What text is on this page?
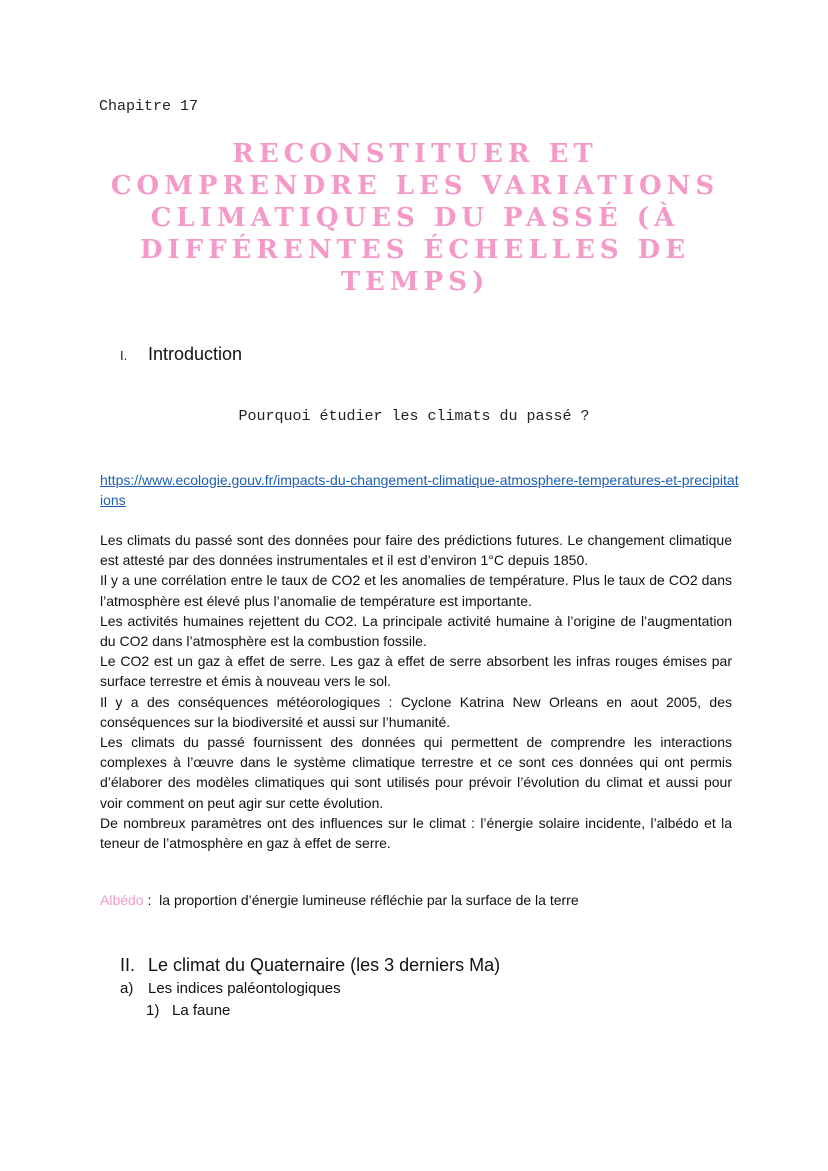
Chapitre 17
RECONSTITUER ET COMPRENDRE LES VARIATIONS CLIMATIQUES DU PASSÉ (À DIFFÉRENTES ÉCHELLES DE TEMPS)
I. Introduction
Pourquoi étudier les climats du passé ?
https://www.ecologie.gouv.fr/impacts-du-changement-climatique-atmosphere-temperatures-et-precipitations

Les climats du passé sont des données pour faire des prédictions futures. Le changement climatique est attesté par des données instrumentales et il est d’environ 1°C depuis 1850.

Il y a une corrélation entre le taux de CO2 et les anomalies de température. Plus le taux de CO2 dans l’atmosphère est élevé plus l’anomalie de température est importante.

Les activités humaines rejettent du CO2. La principale activité humaine à l’origine de l’augmentation du CO2 dans l’atmosphère est la combustion fossile.

Le CO2 est un gaz à effet de serre. Les gaz à effet de serre absorbent les infras rouges émises par surface terrestre et émis à nouveau vers le sol.

Il y a des conséquences météorologiques : Cyclone Katrina New Orleans en aout 2005, des conséquences sur la biodiversité et aussi sur l’humanité.

Les climats du passé fournissent des données qui permettent de comprendre les interactions complexes à l’œuvre dans le système climatique terrestre et ce sont ces données qui ont permis d’élaborer des modèles climatiques qui sont utilisés pour prévoir l’évolution du climat et aussi pour voir comment on peut agir sur cette évolution.

De nombreux paramètres ont des influences sur le climat : l’énergie solaire incidente, l’albédo et la teneur de l’atmosphère en gaz à effet de serre.

Albédo :  la proportion d’énergie lumineuse réfléchie par la surface de la terre
II. Le climat du Quaternaire (les 3 derniers Ma)
a) Les indices paléontologiques
1) La faune
